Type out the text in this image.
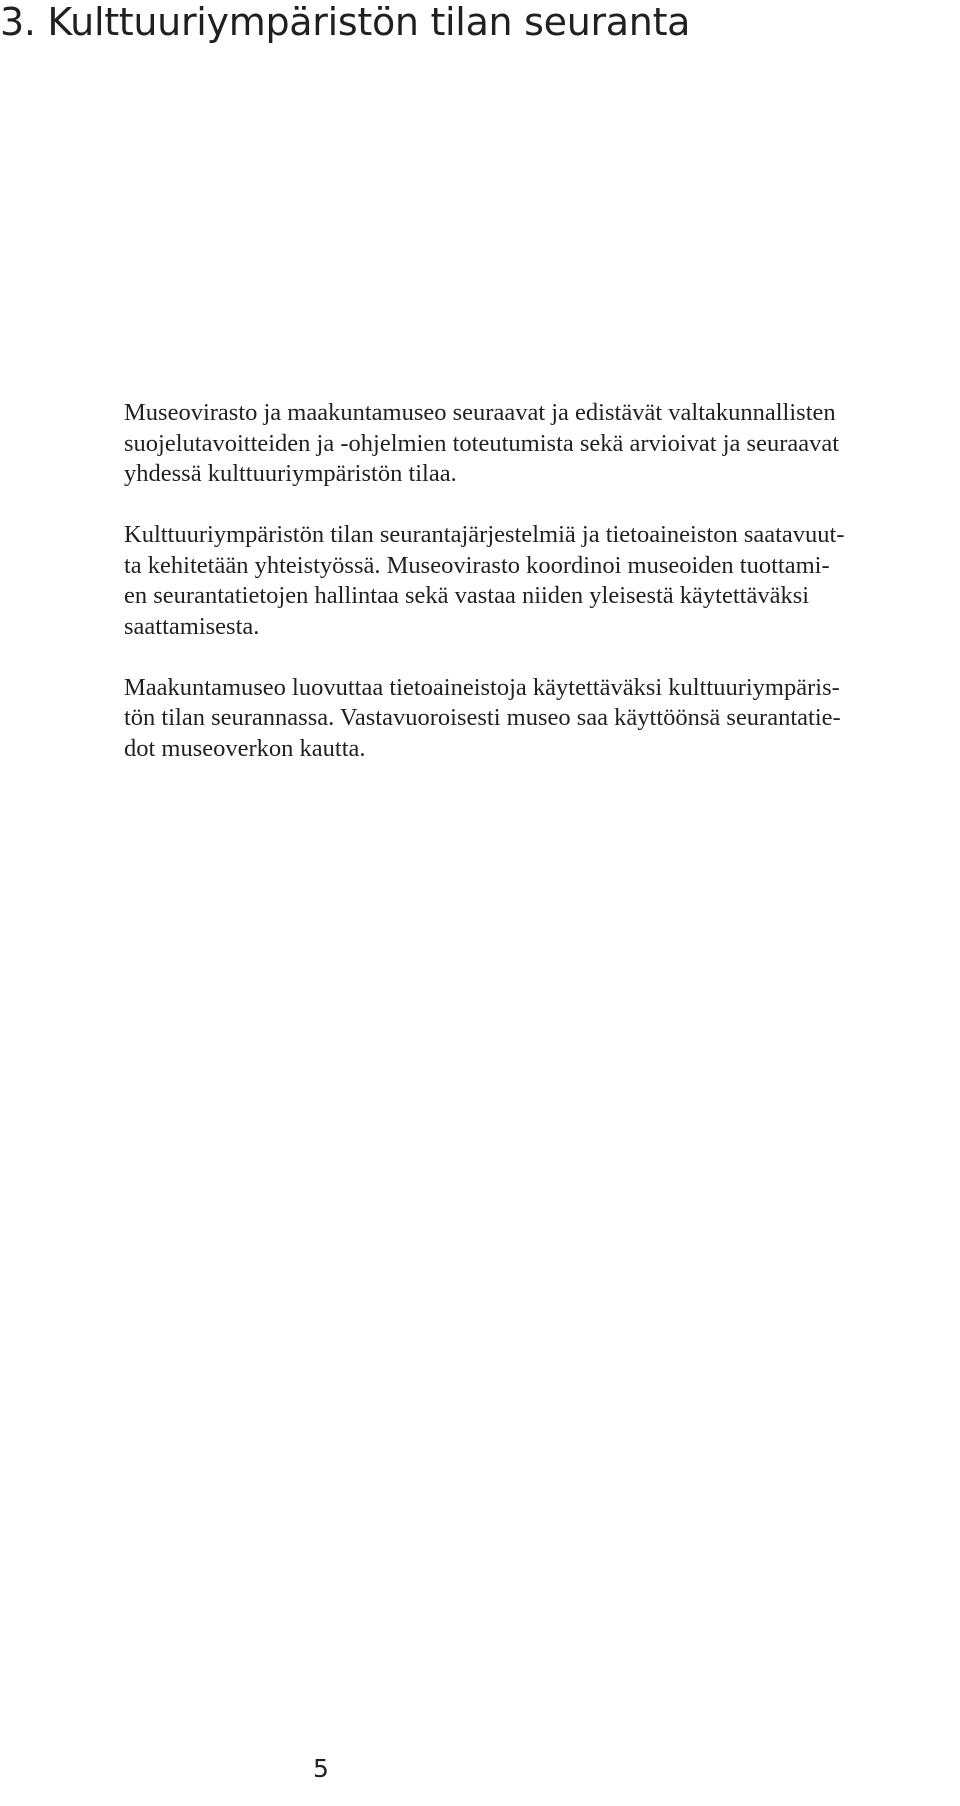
3. Kulttuuriympäristön tilan seuranta

Museovirasto ja maakuntamuseo seuraavat ja edistävät valtakunnallisten
suojelutavoitteiden ja -ohjelmien toteutumista sekä arvioivat ja seuraavat
yhdessä kulttuuriympäristön tilaa.

Kulttuuriympäristön tilan seurantajärjestelmiä ja tietoaineiston saatavuut-
ta kehitetään yhteistyössä. Museovirasto koordinoi museoiden tuottami-
en seurantatietojen hallintaa sekä vastaa niiden yleisestä käytettäväksi
saattamisesta.

Maakuntamuseo luovuttaa tietoaineistoja käytettäväksi kulttuuriympäris-
tön tilan seurannassa. Vastavuoroisesti museo saa käyttöönsä seurantatie-
dot museoverkon kautta.

5
